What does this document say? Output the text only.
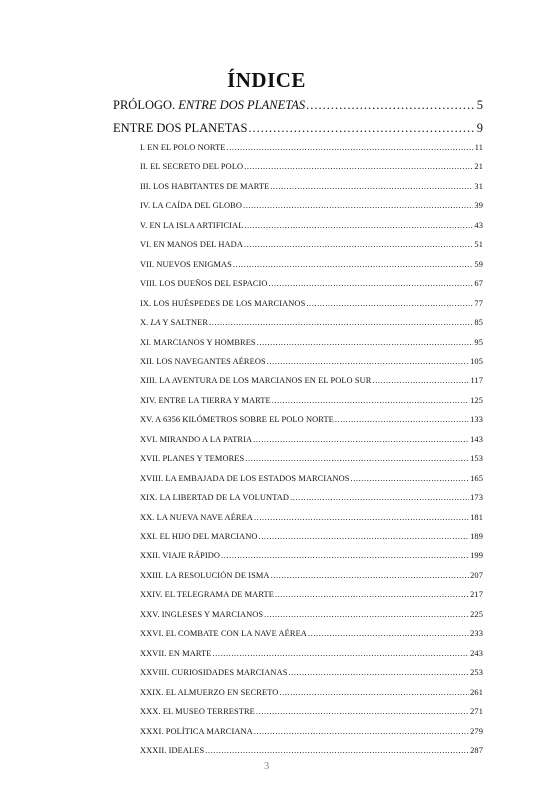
ÍNDICE
PRÓLOGO. ENTRE DOS PLANETAS .....	5
ENTRE DOS PLANETAS .....	9
I. EN EL POLO NORTE .....	11
II. EL SECRETO DEL POLO .....	21
III. LOS HABITANTES DE MARTE .....	31
IV. LA CAÍDA DEL GLOBO .....	39
V. EN LA ISLA ARTIFICIAL .....	43
VI. EN MANOS DEL HADA .....	51
VII. NUEVOS ENIGMAS .....	59
VIII. LOS DUEÑOS DEL ESPACIO .....	67
IX. LOS HUÉSPEDES DE LOS MARCIANOS .....	77
X. LA Y SALTNER .....	85
XI. MARCIANOS Y HOMBRES .....	95
XII. LOS NAVEGANTES AÉREOS .....	105
XIII. LA AVENTURA DE LOS MARCIANOS EN EL POLO SUR .....	117
XIV. ENTRE LA TIERRA Y MARTE .....	125
XV. A 6356 KILÓMETROS SOBRE EL POLO NORTE .....	133
XVI. MIRANDO A LA PATRIA .....	143
XVII. PLANES Y TEMORES .....	153
XVIII. LA EMBAJADA DE LOS ESTADOS MARCIANOS .....	165
XIX. LA LIBERTAD DE LA VOLUNTAD .....	173
XX. LA NUEVA NAVE AÉREA .....	181
XXI. EL HIJO DEL MARCIANO .....	189
XXII. VIAJE RÁPIDO .....	199
XXIII. LA RESOLUCIÓN DE ISMA .....	207
XXIV. EL TELEGRAMA DE MARTE .....	217
XXV. INGLESES Y MARCIANOS .....	225
XXVI. EL COMBATE CON LA NAVE AÉREA .....	233
XXVII. EN MARTE .....	243
XXVIII. CURIOSIDADES MARCIANAS .....	253
XXIX. EL ALMUERZO EN SECRETO .....	261
XXX. EL MUSEO TERRESTRE .....	271
XXXI. POLÍTICA MARCIANA .....	279
XXXII. IDEALES .....	287
3
